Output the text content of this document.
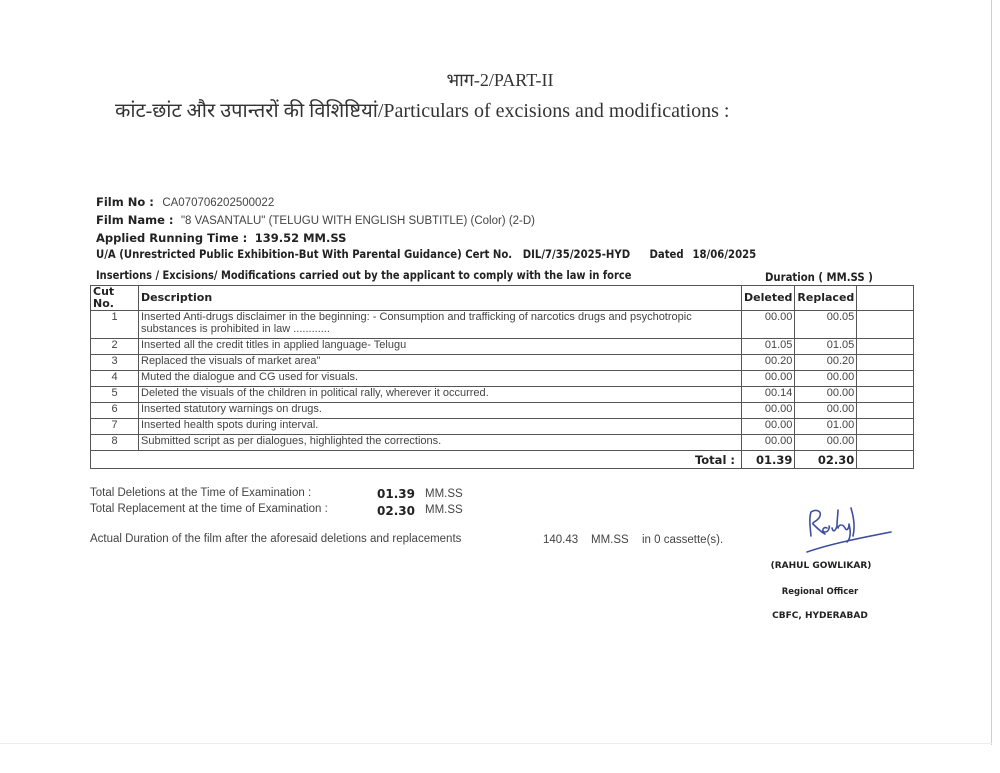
भाग-2/PART-II
कांट-छांट और उपान्तरों की विशिष्टियां/Particulars of excisions and modifications :
Film No : CA070706202500022
Film Name : "8 VASANTALU" (TELUGU WITH ENGLISH SUBTITLE) (Color) (2-D)
Applied Running Time : 139.52 MM.SS
U/A (Unrestricted Public Exhibition-But With Parental Guidance) Cert No. DIL/7/35/2025-HYD Dated 18/06/2025
Insertions / Excisions/ Modifications carried out by the applicant to comply with the law in force	Duration ( MM.SS )
Cut No.	Description	Deleted	Replaced	
1	Inserted Anti-drugs disclaimer in the beginning: - Consumption and trafficking of narcotics drugs and psychotropic substances is prohibited in law ............	00.00	00.05	
2	Inserted all the credit titles in applied language- Telugu	01.05	01.05	
3	Replaced the visuals of market area"	00.20	00.20	
4	Muted the dialogue and CG used for visuals.	00.00	00.00	
5	Deleted the visuals of the children in political rally, wherever it occurred.	00.14	00.00	
6	Inserted statutory warnings on drugs.	00.00	00.00	
7	Inserted health spots during interval.	00.00	01.00	
8	Submitted script as per dialogues, highlighted the corrections.	00.00	00.00	
Total :		01.39	02.30	
Total Deletions at the Time of Examination :	01.39 MM.SS
Total Replacement at the time of Examination :	02.30 MM.SS
Actual Duration of the film after the aforesaid deletions and replacements	140.43 MM.SS in 0 cassette(s).
(RAHUL GOWLIKAR)
Regional Officer
CBFC, HYDERABAD
